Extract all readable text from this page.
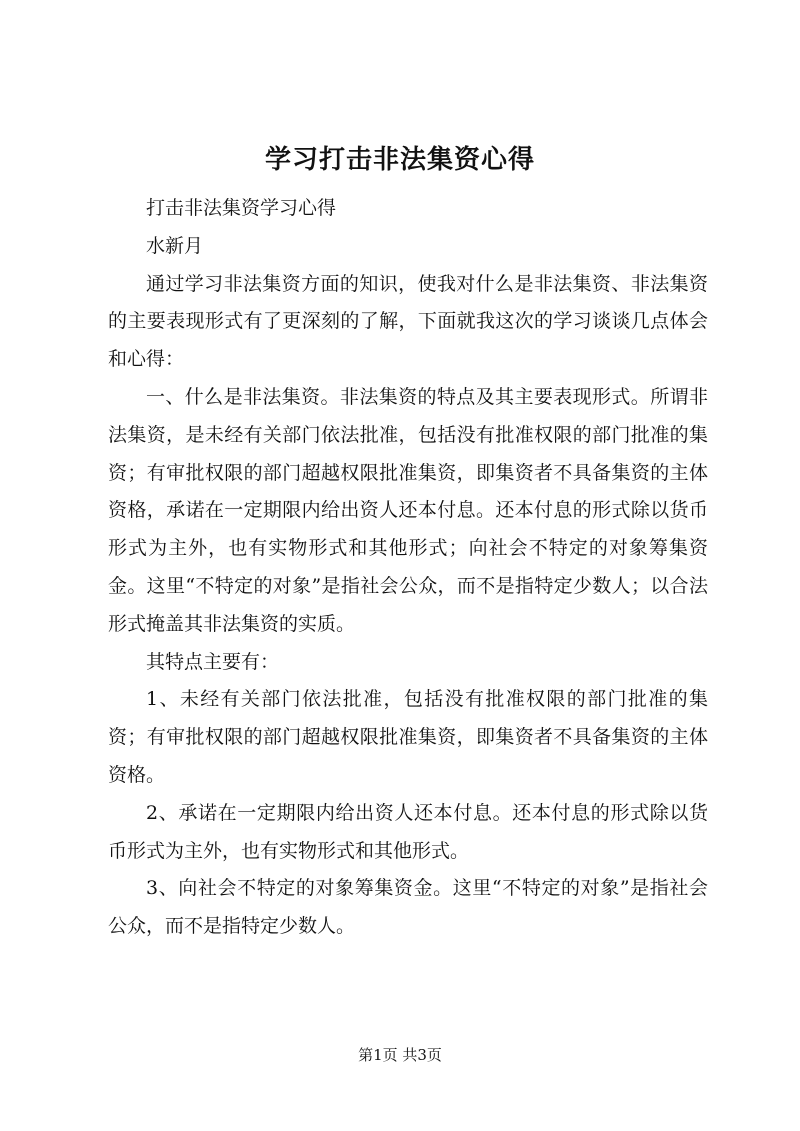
学习打击非法集资心得

打击非法集资学习心得

水新月

通过学习非法集资方面的知识，使我对什么是非法集资、非法集资的主要表现形式有了更深刻的了解，下面就我这次的学习谈谈几点体会和心得：

一、什么是非法集资。非法集资的特点及其主要表现形式。所谓非法集资，是未经有关部门依法批准，包括没有批准权限的部门批准的集资；有审批权限的部门超越权限批准集资，即集资者不具备集资的主体资格，承诺在一定期限内给出资人还本付息。还本付息的形式除以货币形式为主外，也有实物形式和其他形式；向社会不特定的对象筹集资金。这里“不特定的对象”是指社会公众，而不是指特定少数人；以合法形式掩盖其非法集资的实质。

其特点主要有：

1、未经有关部门依法批准，包括没有批准权限的部门批准的集资；有审批权限的部门超越权限批准集资，即集资者不具备集资的主体资格。

2、承诺在一定期限内给出资人还本付息。还本付息的形式除以货币形式为主外，也有实物形式和其他形式。

3、向社会不特定的对象筹集资金。这里“不特定的对象”是指社会公众，而不是指特定少数人。

第1页 共3页
